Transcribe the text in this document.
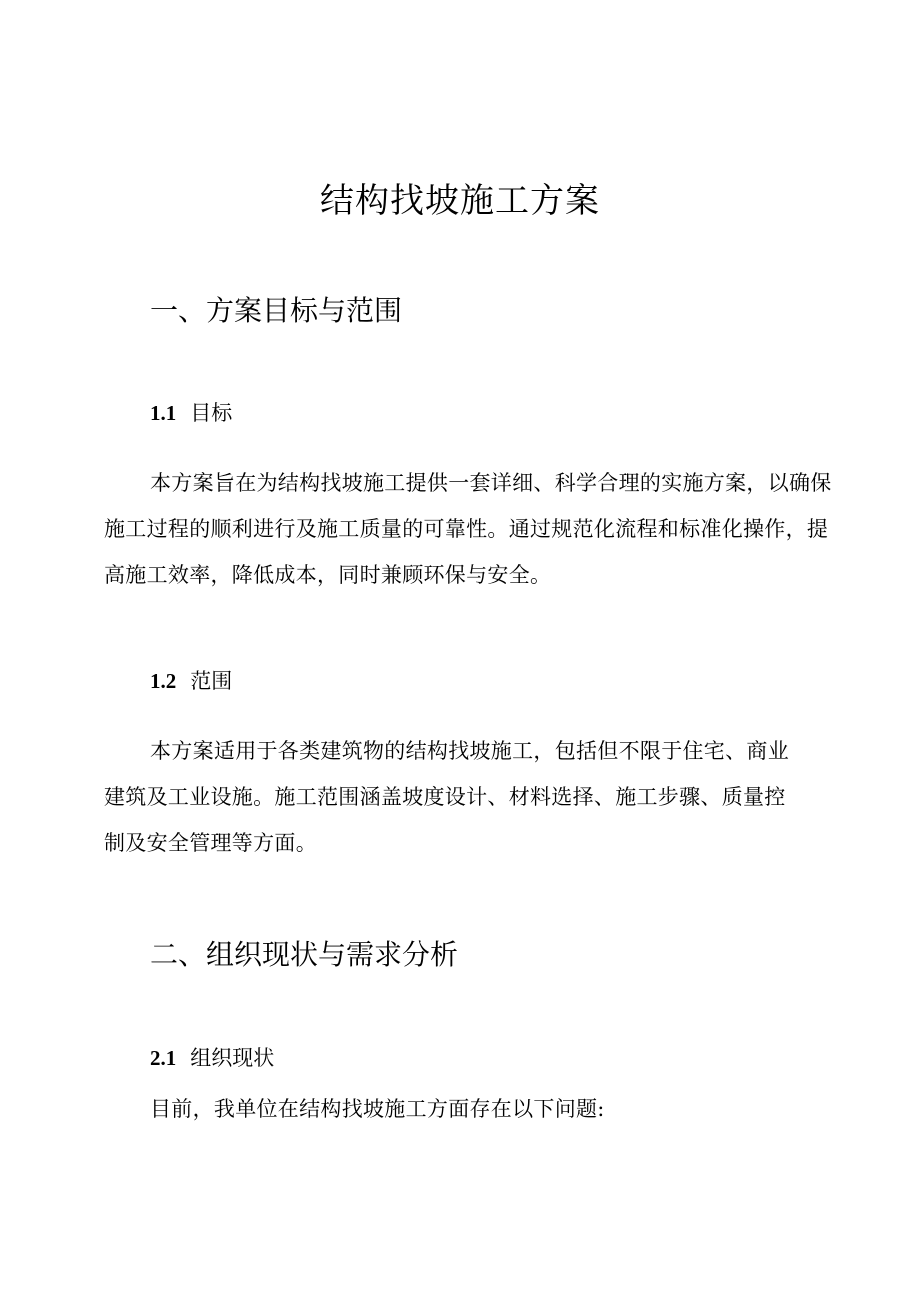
结构找坡施工方案
一、方案目标与范围
1.1 目标

本方案旨在为结构找坡施工提供一套详细、科学合理的实施方案，以确保施工过程的顺利进行及施工质量的可靠性。通过规范化流程和标准化操作，提高施工效率，降低成本，同时兼顾环保与安全。

1.2 范围

本方案适用于各类建筑物的结构找坡施工，包括但不限于住宅、商业建筑及工业设施。施工范围涵盖坡度设计、材料选择、施工步骤、质量控制及安全管理等方面。

二、组织现状与需求分析
2.1 组织现状

目前，我单位在结构找坡施工方面存在以下问题:
